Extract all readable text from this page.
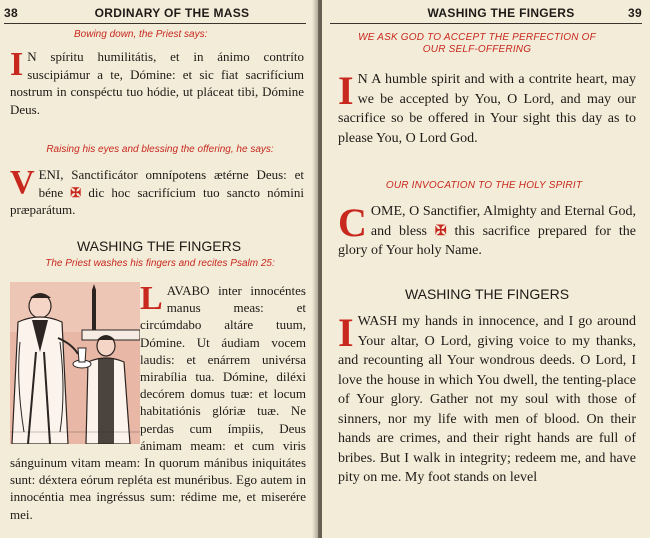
38	ORDINARY OF THE MASS
Bowing down, the Priest says:
I N spíritu humilitátis, et in ánimo contríto suscipiámur a te, Dómine: et sic fiat sacrifícium nostrum in conspéctu tuo hódie, ut pláceat tibi, Dómine Deus.
Raising his eyes and blessing the offering, he says:
VENI, Sanctificátor omnípotens ætérne Deus: et béne ✠ dic hoc sacrifícium tuo sancto nómini præparátum.
WASHING THE FINGERS
The Priest washes his fingers and recites Psalm 25:
LAVABO inter innocéntes manus meas: et circúmdabo altáre tuum, Dómine. Ut áudiam vocem laudis: et enárrem univérsa mirabília tua. Dómine, diléxi decórem domus tuæ: et locum habitatiónis glóriæ tuæ. Ne perdas cum ímpiis, Deus ánimam meam: et cum viris sánguinum vitam meam: In quorum mánibus iniquitátes sunt: déxtera eórum repléta est munéribus. Ego autem in innocéntia mea ingréssus sum: rédime me, et miserére mei.
WASHING THE FINGERS	39
WE ASK GOD TO ACCEPT THE PERFECTION OF OUR SELF-OFFERING
I N A humble spirit and with a contrite heart, may we be accepted by You, O Lord, and may our sacrifice so be offered in Your sight this day as to please You, O Lord God.
OUR INVOCATION TO THE HOLY SPIRIT
COME, O Sanctifier, Almighty and Eternal God, and bless ✠ this sacrifice prepared for the glory of Your holy Name.
WASHING THE FINGERS
IWASH my hands in innocence, and I go around Your altar, O Lord, giving voice to my thanks, and recounting all Your wondrous deeds. O Lord, I love the house in which You dwell, the tenting-place of Your glory. Gather not my soul with those of sinners, nor my life with men of blood. On their hands are crimes, and their right hands are full of bribes. But I walk in integrity; redeem me, and have pity on me. My foot stands on level
